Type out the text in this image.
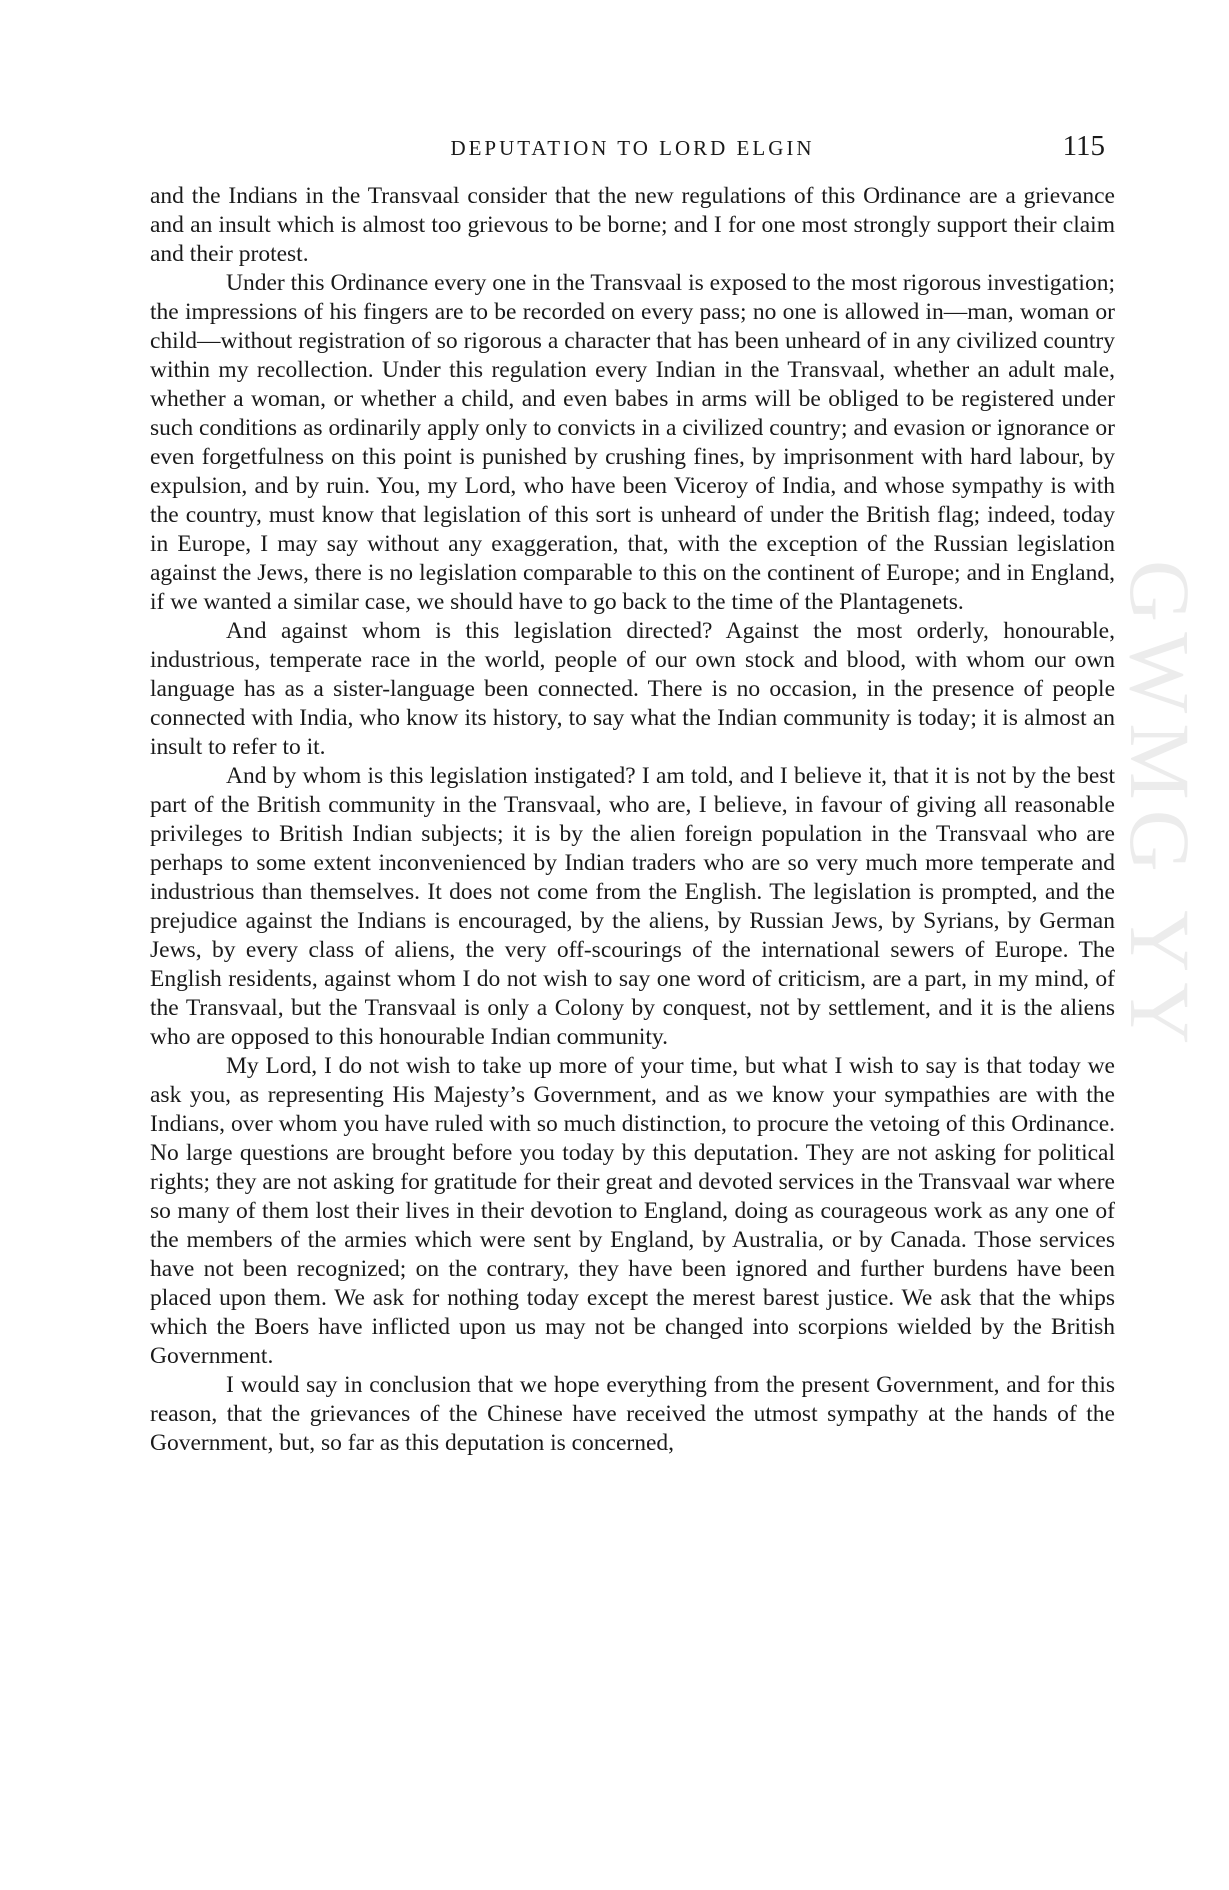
GWMG YY
DEPUTATION TO LORD ELGIN	115

and the Indians in the Transvaal consider that the new regulations of this Ordinance are a grievance and an insult which is almost too grievous to be borne; and I for one most strongly support their claim and their protest.

Under this Ordinance every one in the Transvaal is exposed to the most rigorous investigation; the impressions of his fingers are to be recorded on every pass; no one is allowed in—man, woman or child—without registration of so rigorous a character that has been unheard of in any civilized country within my recollection. Under this regulation every Indian in the Transvaal, whether an adult male, whether a woman, or whether a child, and even babes in arms will be obliged to be registered under such conditions as ordinarily apply only to convicts in a civilized country; and evasion or ignorance or even forgetfulness on this point is punished by crushing fines, by imprisonment with hard labour, by expulsion, and by ruin. You, my Lord, who have been Viceroy of India, and whose sympathy is with the country, must know that legislation of this sort is unheard of under the British flag; indeed, today in Europe, I may say without any exaggeration, that, with the exception of the Russian legislation against the Jews, there is no legislation comparable to this on the continent of Europe; and in England, if we wanted a similar case, we should have to go back to the time of the Plantagenets.

And against whom is this legislation directed? Against the most orderly, honourable, industrious, temperate race in the world, people of our own stock and blood, with whom our own language has as a sister-language been connected. There is no occasion, in the presence of people connected with India, who know its history, to say what the Indian community is today; it is almost an insult to refer to it.

And by whom is this legislation instigated? I am told, and I believe it, that it is not by the best part of the British community in the Transvaal, who are, I believe, in favour of giving all reasonable privileges to British Indian subjects; it is by the alien foreign population in the Transvaal who are perhaps to some extent inconvenienced by Indian traders who are so very much more temperate and industrious than themselves. It does not come from the English. The legislation is prompted, and the prejudice against the Indians is encouraged, by the aliens, by Russian Jews, by Syrians, by German Jews, by every class of aliens, the very off-scourings of the international sewers of Europe. The English residents, against whom I do not wish to say one word of criticism, are a part, in my mind, of the Transvaal, but the Transvaal is only a Colony by conquest, not by settlement, and it is the aliens who are opposed to this honourable Indian community.

My Lord, I do not wish to take up more of your time, but what I wish to say is that today we ask you, as representing His Majesty’s Government, and as we know your sympathies are with the Indians, over whom you have ruled with so much distinction, to procure the vetoing of this Ordinance. No large questions are brought before you today by this deputation. They are not asking for political rights; they are not asking for gratitude for their great and devoted services in the Transvaal war where so many of them lost their lives in their devotion to England, doing as courageous work as any one of the members of the armies which were sent by England, by Australia, or by Canada. Those services have not been recognized; on the contrary, they have been ignored and further burdens have been placed upon them. We ask for nothing today except the merest barest justice. We ask that the whips which the Boers have inflicted upon us may not be changed into scorpions wielded by the British Government.

I would say in conclusion that we hope everything from the present Government, and for this reason, that the grievances of the Chinese have received the utmost sympathy at the hands of the Government, but, so far as this deputation is concerned,
